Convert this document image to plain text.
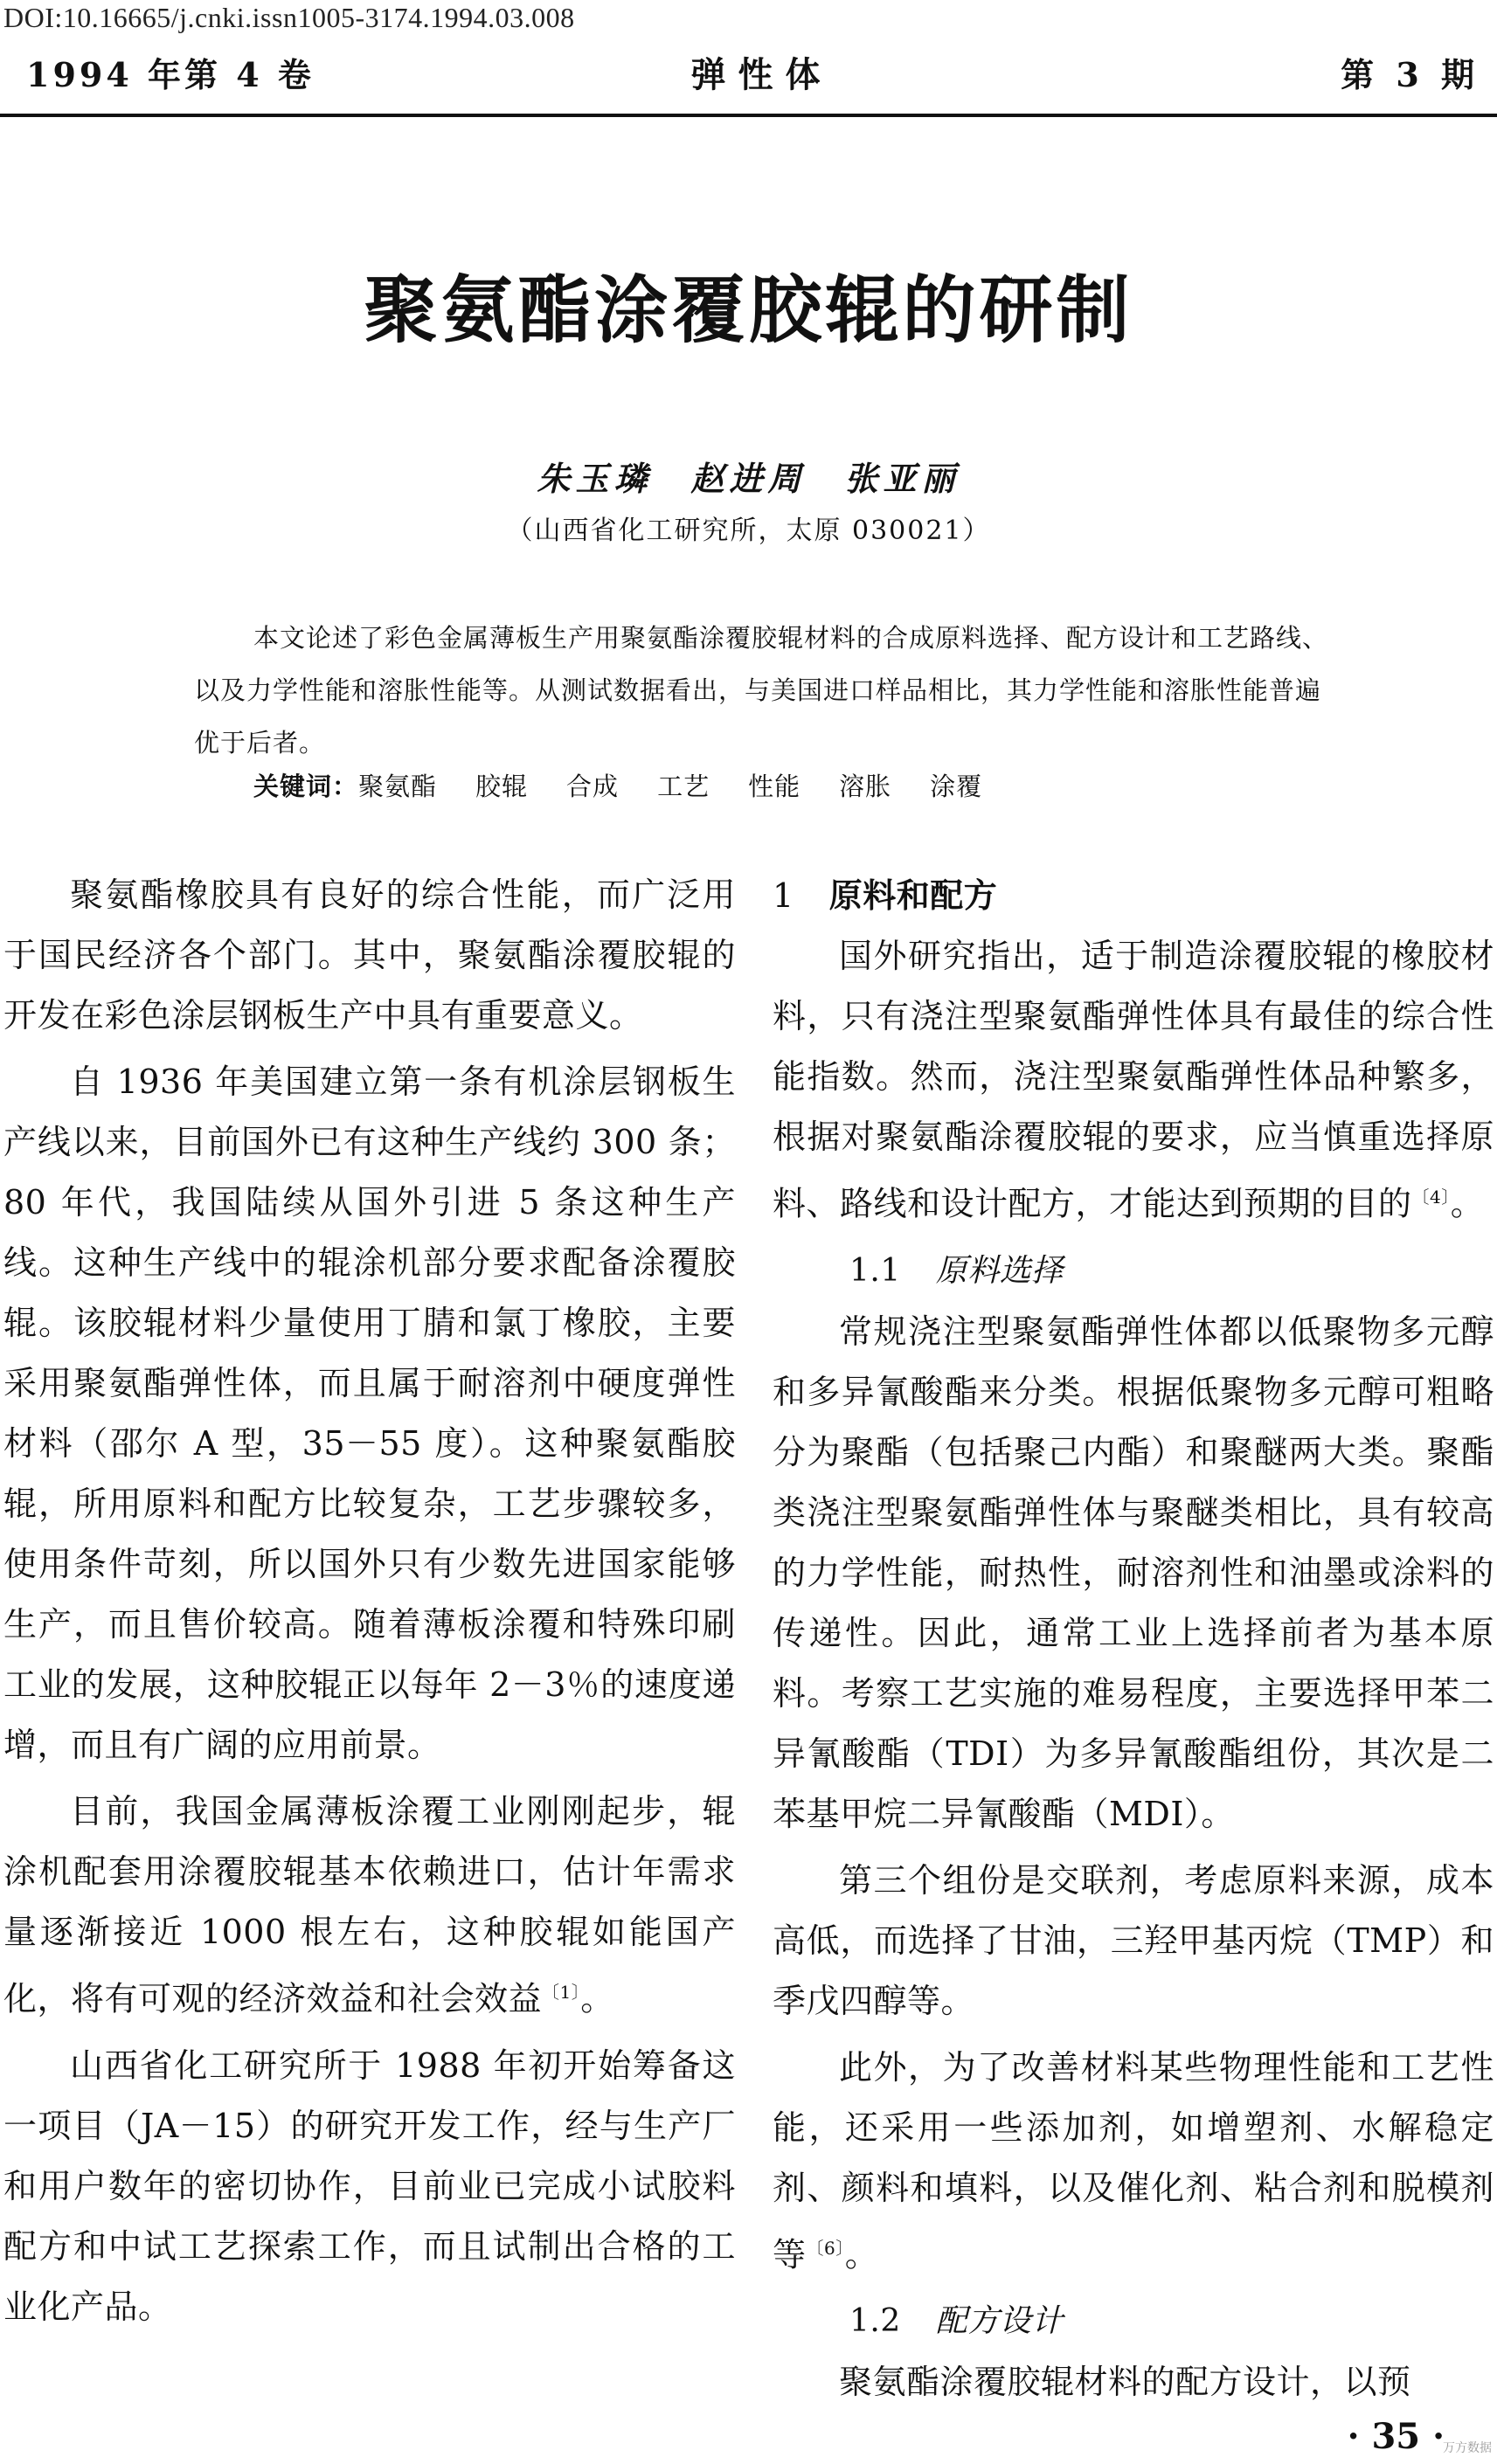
DOI:10.16665/j.cnki.issn1005-3174.1994.03.008
1994 年第 4 卷	弹性体	第 3 期
聚氨酯涂覆胶辊的研制
朱玉璘　赵进周　张亚丽
（山西省化工研究所，太原 030021）

本文论述了彩色金属薄板生产用聚氨酯涂覆胶辊材料的合成原料选择、配方设计和工艺路线、以及力学性能和溶胀性能等。从测试数据看出，与美国进口样品相比，其力学性能和溶胀性能普遍优于后者。

关键词：聚氨酯 胶辊 合成 工艺 性能 溶胀 涂覆

聚氨酯橡胶具有良好的综合性能，而广泛用于国民经济各个部门。其中，聚氨酯涂覆胶辊的开发在彩色涂层钢板生产中具有重要意义。

自 1936 年美国建立第一条有机涂层钢板生产线以来，目前国外已有这种生产线约 300 条；80 年代，我国陆续从国外引进 5 条这种生产线。这种生产线中的辊涂机部分要求配备涂覆胶辊。该胶辊材料少量使用丁腈和氯丁橡胶，主要采用聚氨酯弹性体，而且属于耐溶剂中硬度弹性材料（邵尔 A 型，35－55 度）。这种聚氨酯胶辊，所用原料和配方比较复杂，工艺步骤较多，使用条件苛刻，所以国外只有少数先进国家能够生产，而且售价较高。随着薄板涂覆和特殊印刷工业的发展，这种胶辊正以每年 2－3％的速度递增，而且有广阔的应用前景。

目前，我国金属薄板涂覆工业刚刚起步，辊涂机配套用涂覆胶辊基本依赖进口，估计年需求量逐渐接近 1000 根左右，这种胶辊如能国产化，将有可观的经济效益和社会效益$^{〔1〕}$。

山西省化工研究所于 1988 年初开始筹备这一项目（JA－15）的研究开发工作，经与生产厂和用户数年的密切协作，目前业已完成小试胶料配方和中试工艺探索工作，而且试制出合格的工业化产品。

1 原料和配方

国外研究指出，适于制造涂覆胶辊的橡胶材料，只有浇注型聚氨酯弹性体具有最佳的综合性能指数。然而，浇注型聚氨酯弹性体品种繁多，根据对聚氨酯涂覆胶辊的要求，应当慎重选择原料、路线和设计配方，才能达到预期的目的$^{〔4〕}$。

1.1 原料选择

常规浇注型聚氨酯弹性体都以低聚物多元醇和多异氰酸酯来分类。根据低聚物多元醇可粗略分为聚酯（包括聚己内酯）和聚醚两大类。聚酯类浇注型聚氨酯弹性体与聚醚类相比，具有较高的力学性能，耐热性，耐溶剂性和油墨或涂料的传递性。因此，通常工业上选择前者为基本原料。考察工艺实施的难易程度，主要选择甲苯二异氰酸酯（TDI）为多异氰酸酯组份，其次是二苯基甲烷二异氰酸酯（MDI）。

第三个组份是交联剂，考虑原料来源，成本高低，而选择了甘油，三羟甲基丙烷（TMP）和季戊四醇等。

此外，为了改善材料某些物理性能和工艺性能，还采用一些添加剂，如增塑剂、水解稳定剂、颜料和填料，以及催化剂、粘合剂和脱模剂等$^{〔6〕}$。

1.2 配方设计

聚氨酯涂覆胶辊材料的配方设计，以预

· 35 ·
万方数据
